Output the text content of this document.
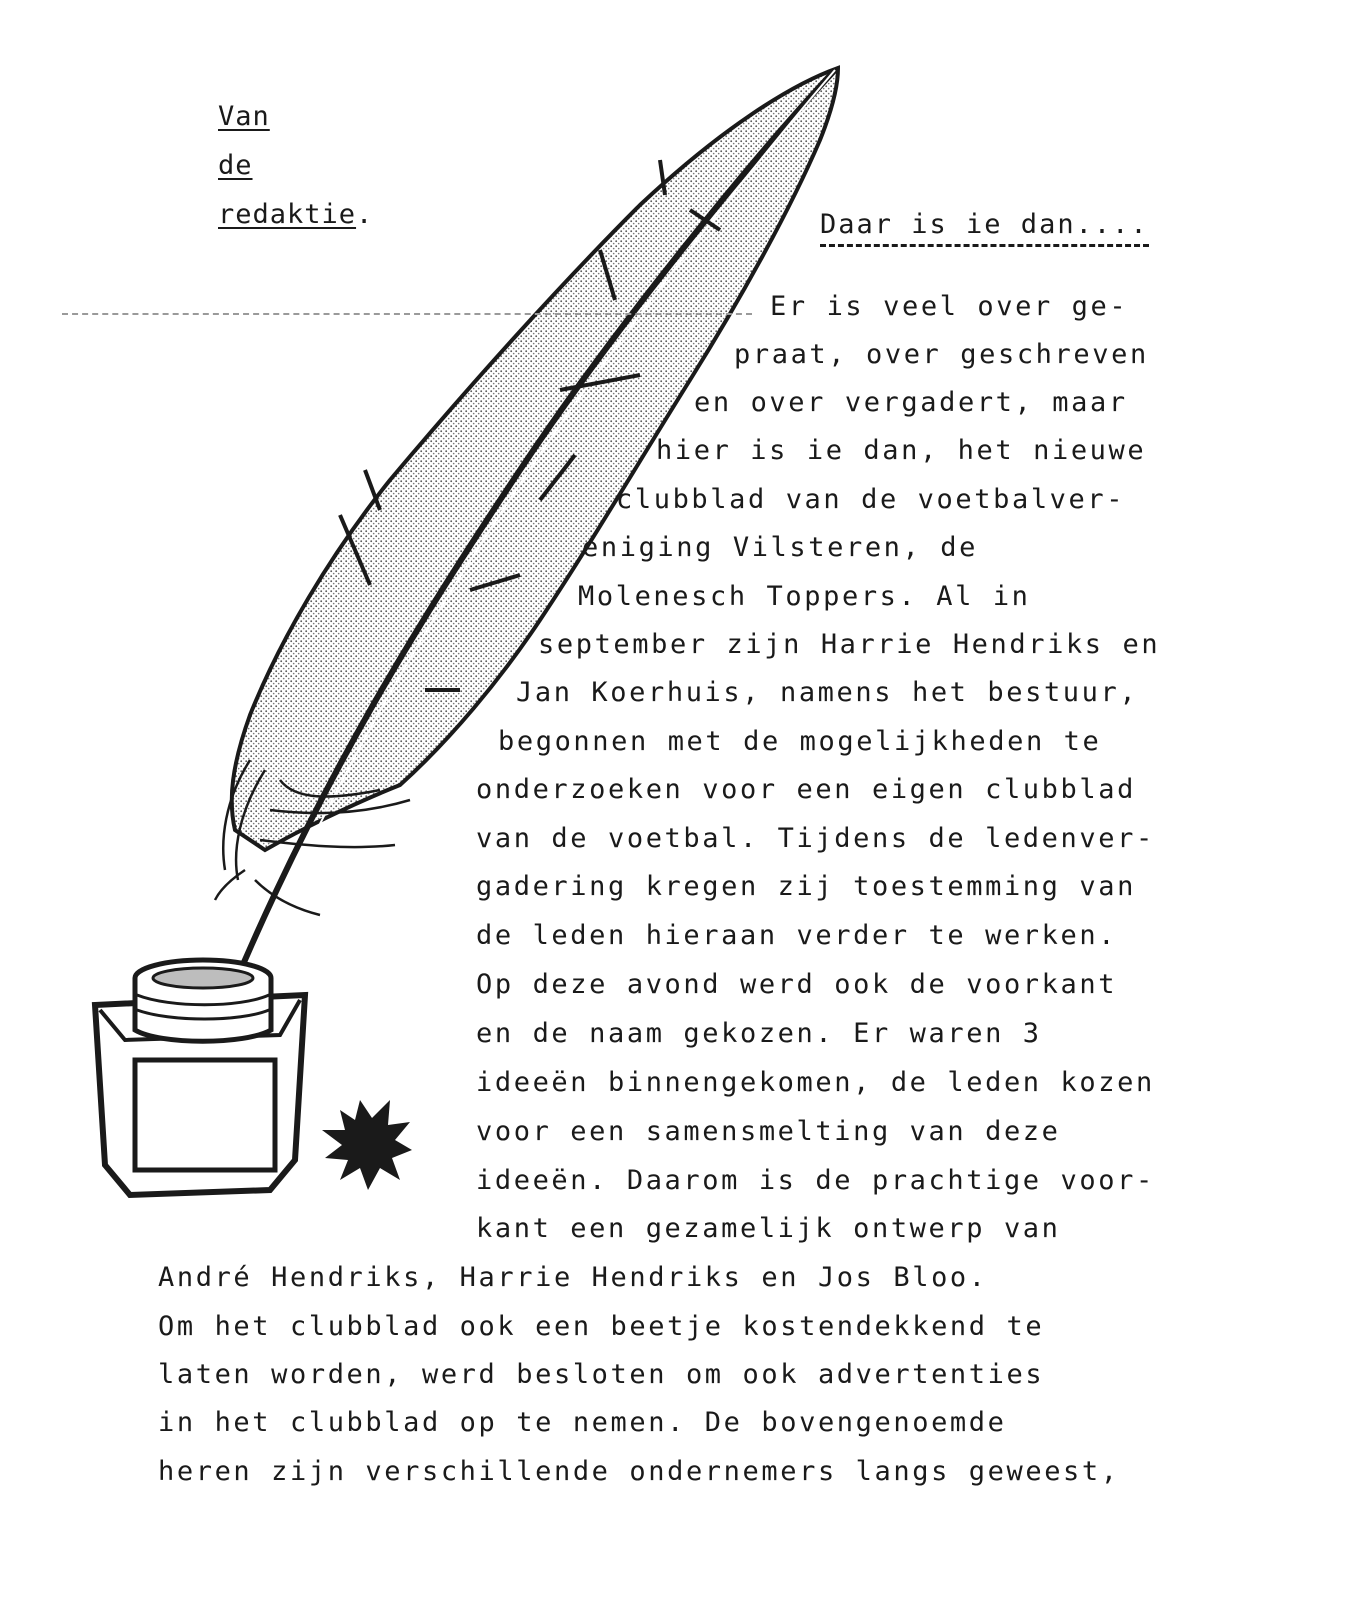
Van
de
redaktie.	Daar is ie dan....
Er is veel over ge-
praat, over geschreven
en over vergadert, maar
hier is ie dan, het nieuwe
clubblad van de voetbalver-
eniging Vilsteren, de
Molenesch Toppers. Al in
september zijn Harrie Hendriks en
Jan Koerhuis, namens het bestuur,
begonnen met de mogelijkheden te
onderzoeken voor een eigen clubblad
van de voetbal. Tijdens de ledenver-
gadering kregen zij toestemming van
de leden hieraan verder te werken.
Op deze avond werd ook de voorkant
en de naam gekozen. Er waren 3
ideeën binnengekomen, de leden kozen
voor een samensmelting van deze
ideeën. Daarom is de prachtige voor-
kant een gezamelijk ontwerp van
André Hendriks, Harrie Hendriks en Jos Bloo.
Om het clubblad ook een beetje kostendekkend te
laten worden, werd besloten om ook advertenties
in het clubblad op te nemen. De bovengenoemde
heren zijn verschillende ondernemers langs geweest,
